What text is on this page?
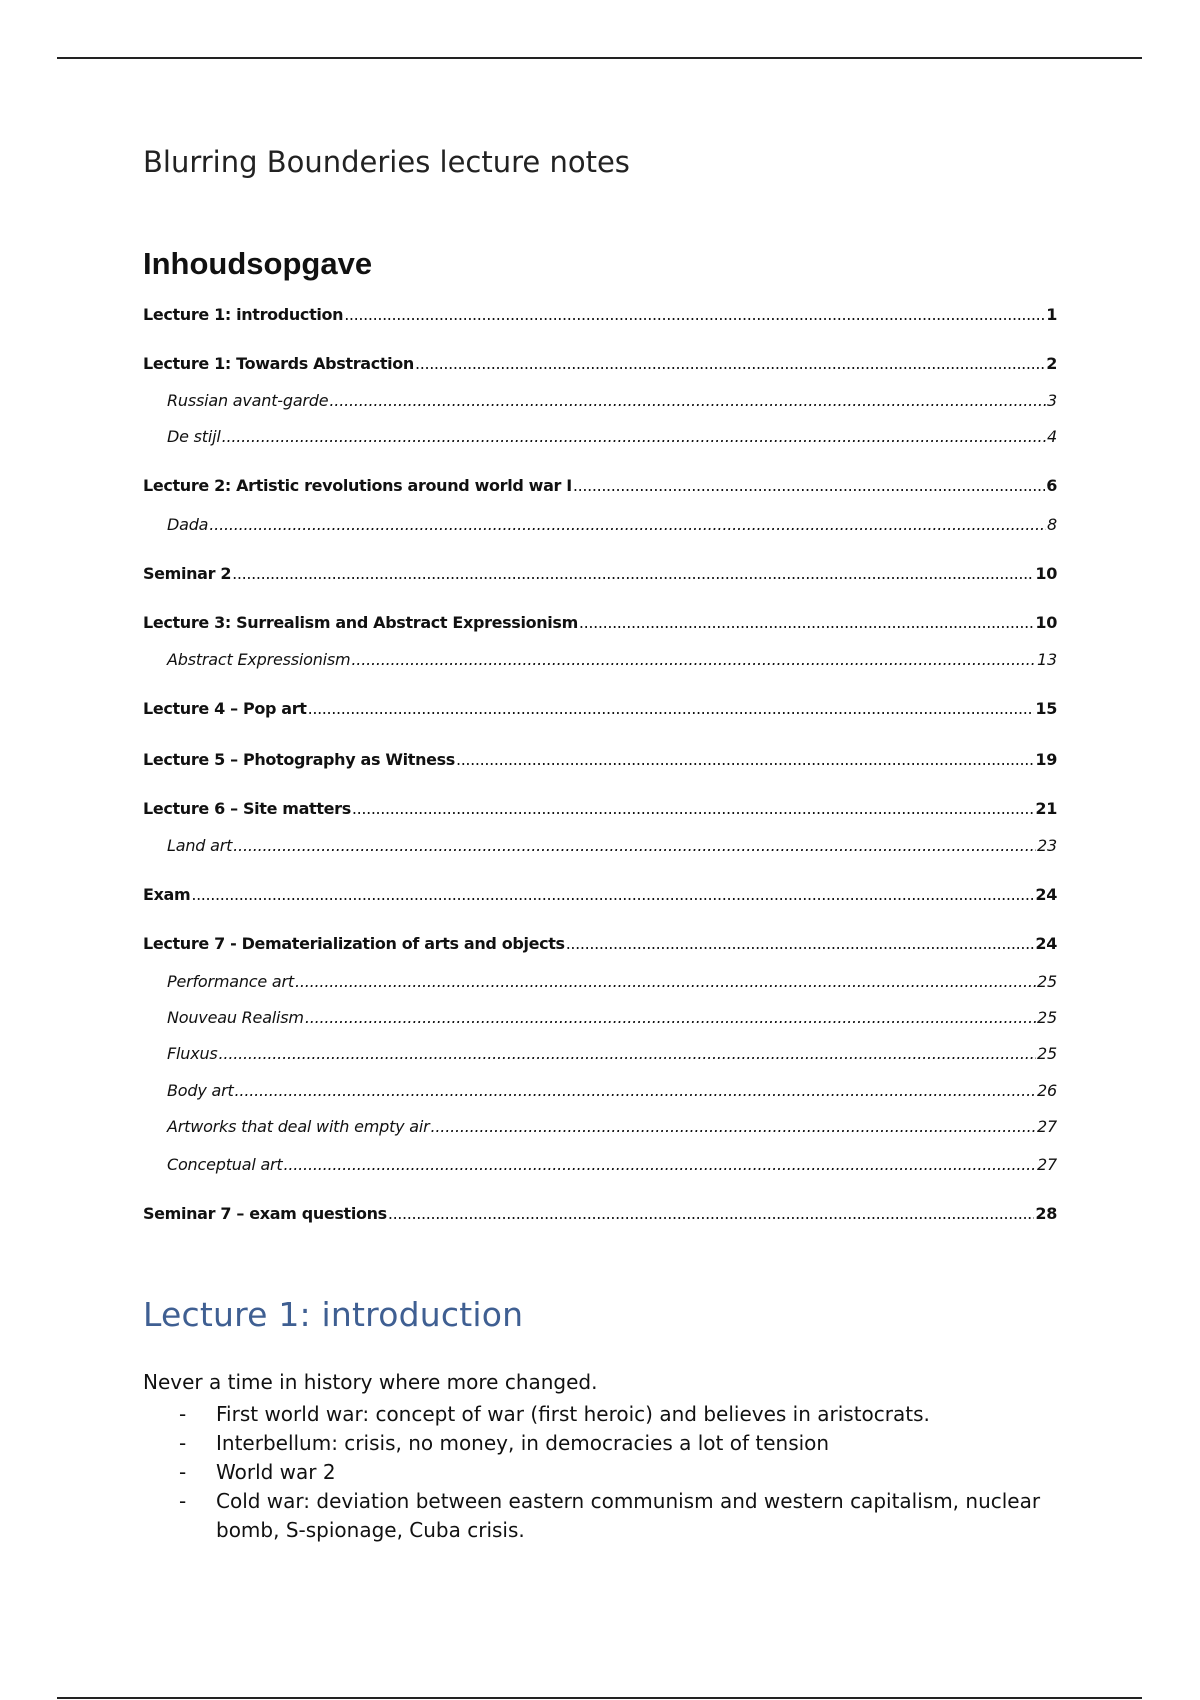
Blurring Bounderies lecture notes
Inhoudsopgave
Lecture 1: introduction .....	1
Lecture 1: Towards Abstraction .....	2
Russian avant-garde .....	3
De stijl .....	4
Lecture 2: Artistic revolutions around world war I .....	6
Dada .....	8
Seminar 2 .....	10
Lecture 3: Surrealism and Abstract Expressionism .....	10
Abstract Expressionism .....	13
Lecture 4 – Pop art .....	15
Lecture 5 – Photography as Witness .....	19
Lecture 6 – Site matters .....	21
Land art .....	23
Exam .....	24
Lecture 7 - Dematerialization of arts and objects .....	24
Performance art .....	25
Nouveau Realism .....	25
Fluxus .....	25
Body art .....	26
Artworks that deal with empty air .....	27
Conceptual art .....	27
Seminar 7 – exam questions .....	28
Lecture 1: introduction

Never a time in history where more changed.

- First world war: concept of war (first heroic) and believes in aristocrats.
- Interbellum: crisis, no money, in democracies a lot of tension
- World war 2
- Cold war: deviation between eastern communism and western capitalism, nuclear bomb, S-spionage, Cuba crisis.
